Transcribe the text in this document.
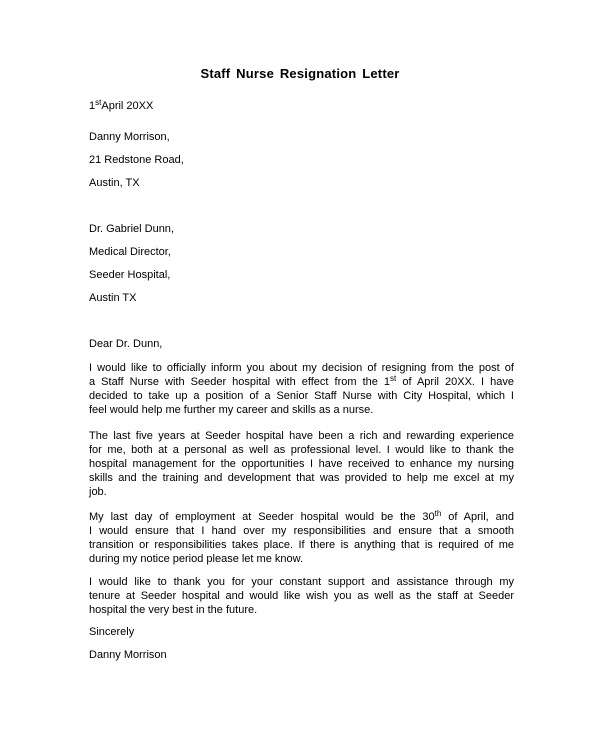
Staff Nurse Resignation Letter
1stApril 20XX
Danny Morrison,
21 Redstone Road,
Austin, TX
Dr. Gabriel Dunn,
Medical Director,
Seeder Hospital,
Austin TX
Dear Dr. Dunn,
I would like to officially inform you about my decision of resigning from the post of
a Staff Nurse with Seeder hospital with effect from the 1st of April 20XX. I have
decided to take up a position of a Senior Staff Nurse with City Hospital, which I
feel would help me further my career and skills as a nurse.
The last five years at Seeder hospital have been a rich and rewarding experience
for me, both at a personal as well as professional level. I would like to thank the
hospital management for the opportunities I have received to enhance my nursing
skills and the training and development that was provided to help me excel at my
job.
My last day of employment at Seeder hospital would be the 30th of April, and
I would ensure that I hand over my responsibilities and ensure that a smooth
transition or responsibilities takes place. If there is anything that is required of me
during my notice period please let me know.
I would like to thank you for your constant support and assistance through my
tenure at Seeder hospital and would like wish you as well as the staff at Seeder
hospital the very best in the future.
Sincerely
Danny Morrison
